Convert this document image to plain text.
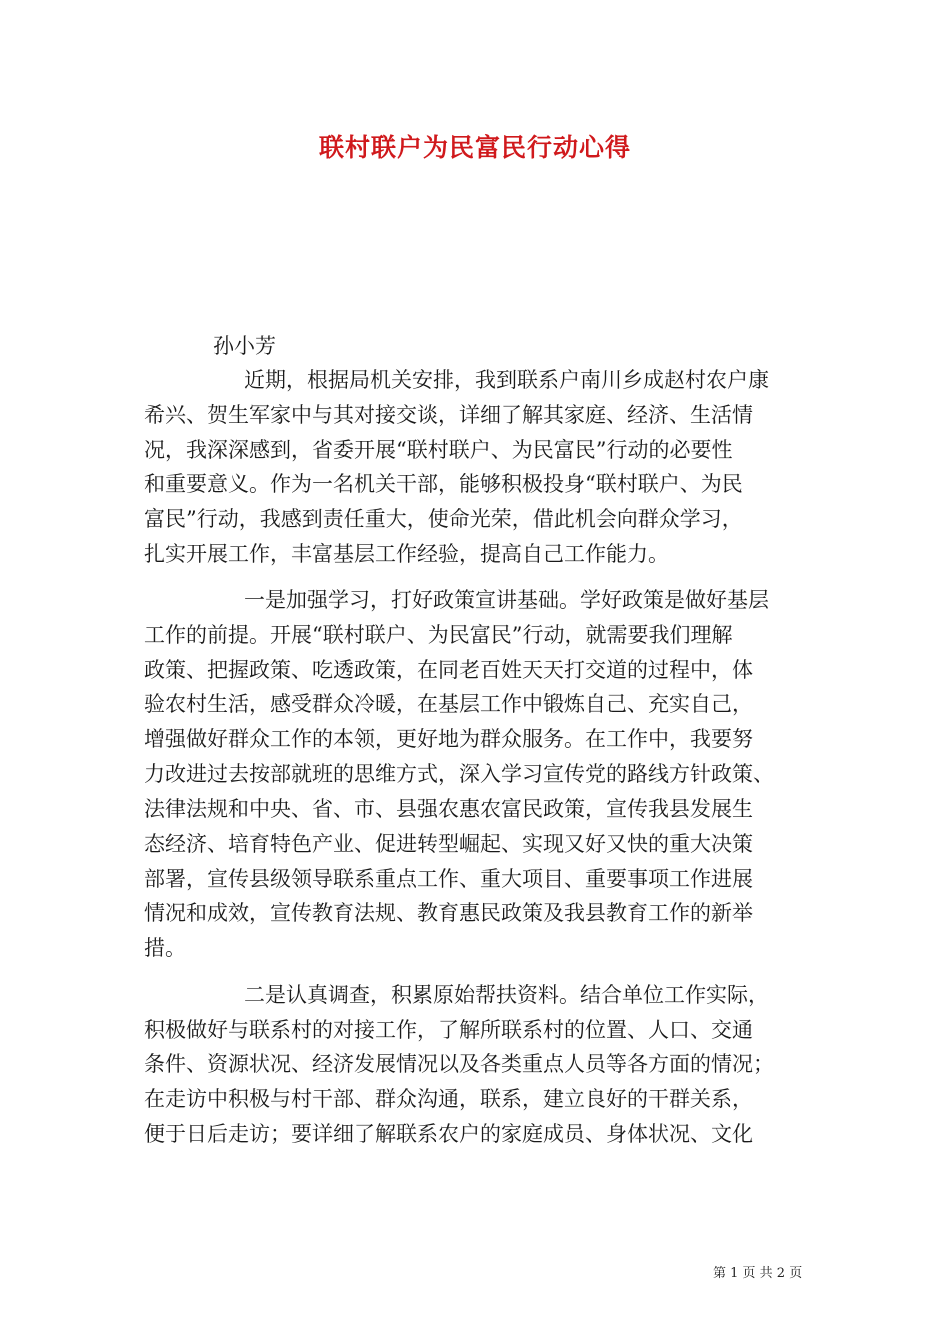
联村联户为民富民行动心得
孙小芳
近期，根据局机关安排，我到联系户南川乡成赵村农户康
希兴、贺生军家中与其对接交谈，详细了解其家庭、经济、生活情
况，我深深感到，省委开展“联村联户、为民富民”行动的必要性
和重要意义。作为一名机关干部，能够积极投身“联村联户、为民
富民”行动，我感到责任重大，使命光荣，借此机会向群众学习，
扎实开展工作，丰富基层工作经验，提高自己工作能力。
一是加强学习，打好政策宣讲基础。学好政策是做好基层
工作的前提。开展“联村联户、为民富民”行动，就需要我们理解
政策、把握政策、吃透政策，在同老百姓天天打交道的过程中，体
验农村生活，感受群众冷暖，在基层工作中锻炼自己、充实自己，
增强做好群众工作的本领，更好地为群众服务。在工作中，我要努
力改进过去按部就班的思维方式，深入学习宣传党的路线方针政策、
法律法规和中央、省、市、县强农惠农富民政策，宣传我县发展生
态经济、培育特色产业、促进转型崛起、实现又好又快的重大决策
部署，宣传县级领导联系重点工作、重大项目、重要事项工作进展
情况和成效，宣传教育法规、教育惠民政策及我县教育工作的新举
措。
二是认真调查，积累原始帮扶资料。结合单位工作实际，
积极做好与联系村的对接工作，了解所联系村的位置、人口、交通
条件、资源状况、经济发展情况以及各类重点人员等各方面的情况；
在走访中积极与村干部、群众沟通，联系，建立良好的干群关系，
便于日后走访；要详细了解联系农户的家庭成员、身体状况、文化
第 1 页 共 2 页
